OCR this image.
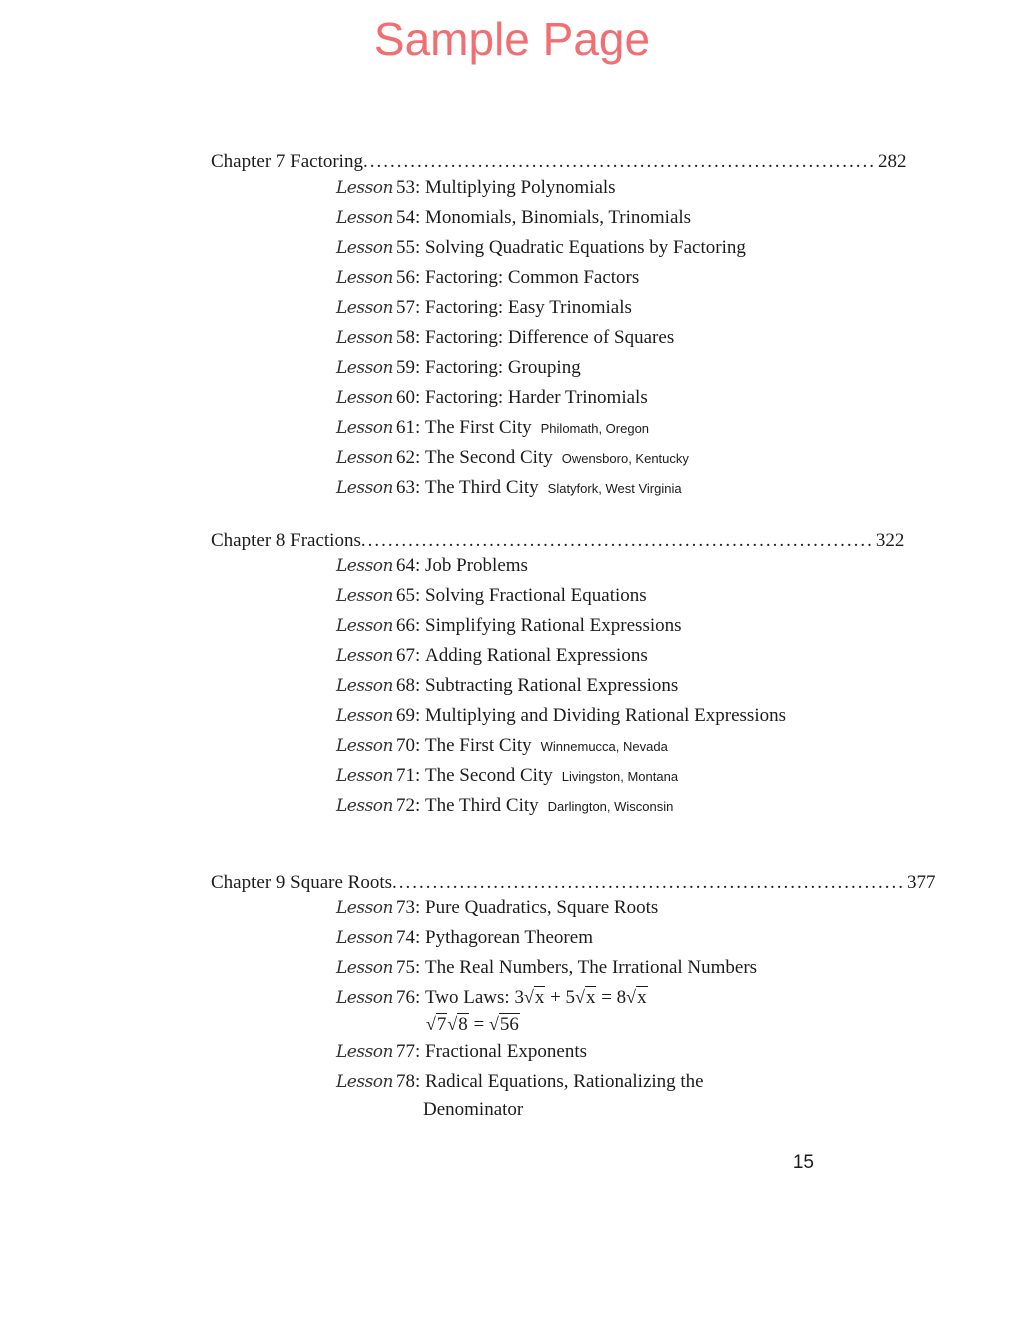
Sample Page
Chapter 7 Factoring. ........................................................................... 282
Lesson 53 : Multiplying Polynomials
Lesson 54 : Monomials, Binomials, Trinomials
Lesson 55 : Solving Quadratic Equations by Factoring
Lesson 56 : Factoring: Common Factors
Lesson 57 : Factoring: Easy Trinomials
Lesson 58 : Factoring: Difference of Squares
Lesson 59 : Factoring: Grouping
Lesson 60 : Factoring: Harder Trinomials
Lesson 61 : The First City Philomath, Oregon
Lesson 62 : The Second City Owensboro, Kentucky
Lesson 63 : The Third City Slatyfork, West Virginia
Chapter 8 Fractions. ........................................................................... 322
Lesson 64 : Job Problems
Lesson 65 : Solving Fractional Equations
Lesson 66 : Simplifying Rational Expressions
Lesson 67 : Adding Rational Expressions
Lesson 68 : Subtracting Rational Expressions
Lesson 69 : Multiplying and Dividing Rational Expressions
Lesson 70 : The First City Winnemucca, Nevada
Lesson 71 : The Second City Livingston, Montana
Lesson 72 : The Third City Darlington, Wisconsin
Chapter 9 Square Roots. ........................................................................... 377
Lesson 73 : Pure Quadratics, Square Roots
Lesson 74 : Pythagorean Theorem
Lesson 75 : The Real Numbers, The Irrational Numbers
Lesson 76 : Two Laws:
3√x + 5√x = 8√x
√7√8 = √56
Lesson 77 : Fractional Exponents
Lesson 78 : Radical Equations, Rationalizing the
Denominator
15
